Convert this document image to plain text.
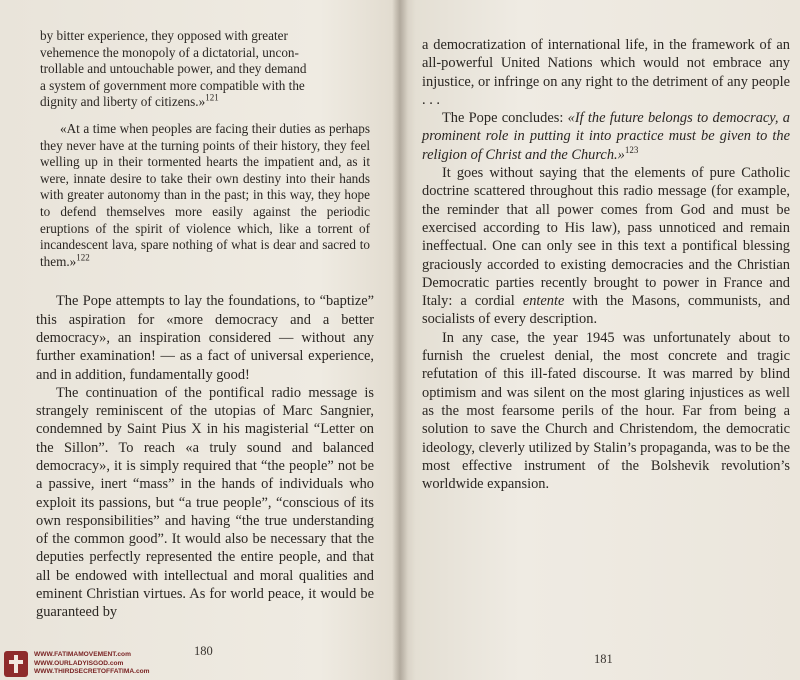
by bitter experience, they opposed with greater
vehemence the monopoly of a dictatorial, uncon-
trollable and untouchable power, and they demand
a system of government more compatible with the
dignity and liberty of citizens.»$^{121}$

«At a time when peoples are facing their duties as perhaps they never have at the turning points of their history, they feel welling up in their tormented hearts the impatient and, as it were, innate desire to take their own destiny into their hands with greater autonomy than in the past; in this way, they hope to defend themselves more easily against the periodic eruptions of the spirit of violence which, like a torrent of incandescent lava, spare nothing of what is dear and sacred to them.»$^{122}$

The Pope attempts to lay the foundations, to “baptize” this aspiration for «more democracy and a better democracy», an inspiration considered — without any further examination! — as a fact of universal experience, and in addition, fundamentally good!

The continuation of the pontifical radio message is strangely reminiscent of the utopias of Marc Sangnier, condemned by Saint Pius X in his magisterial “Letter on the Sillon”. To reach «a truly sound and balanced democracy», it is simply required that “the people” not be a passive, inert “mass” in the hands of individuals who exploit its passions, but “a true people”, “conscious of its own responsibilities” and having “the true understanding of the common good”. It would also be necessary that the deputies perfectly represented the entire people, and that all be endowed with intellectual and moral qualities and eminent Christian virtues. As for world peace, it would be guaranteed by

180

a democratization of international life, in the framework of an all-powerful United Nations which would not embrace any injustice, or infringe on any right to the detriment of any people . . .

The Pope concludes: «If the future belongs to democracy, a prominent role in putting it into practice must be given to the religion of Christ and the Church.»$^{123}$

It goes without saying that the elements of pure Catholic doctrine scattered throughout this radio message (for example, the reminder that all power comes from God and must be exercised according to His law), pass unnoticed and remain ineffectual. One can only see in this text a pontifical blessing graciously accorded to existing democracies and the Christian Democratic parties recently brought to power in France and Italy: a cordial entente with the Masons, communists, and socialists of every description.

In any case, the year 1945 was unfortunately about to furnish the cruelest denial, the most concrete and tragic refutation of this ill-fated discourse. It was marred by blind optimism and was silent on the most glaring injustices as well as the most fearsome perils of the hour. Far from being a solution to save the Church and Christendom, the democratic ideology, cleverly utilized by Stalin’s propaganda, was to be the most effective instrument of the Bolshevik revolution’s worldwide expansion.

181
WWW.FATIMAMOVEMENT.com
WWW.OURLADYISGOD.com
WWW.THIRDSECRETOFFATIMA.com
